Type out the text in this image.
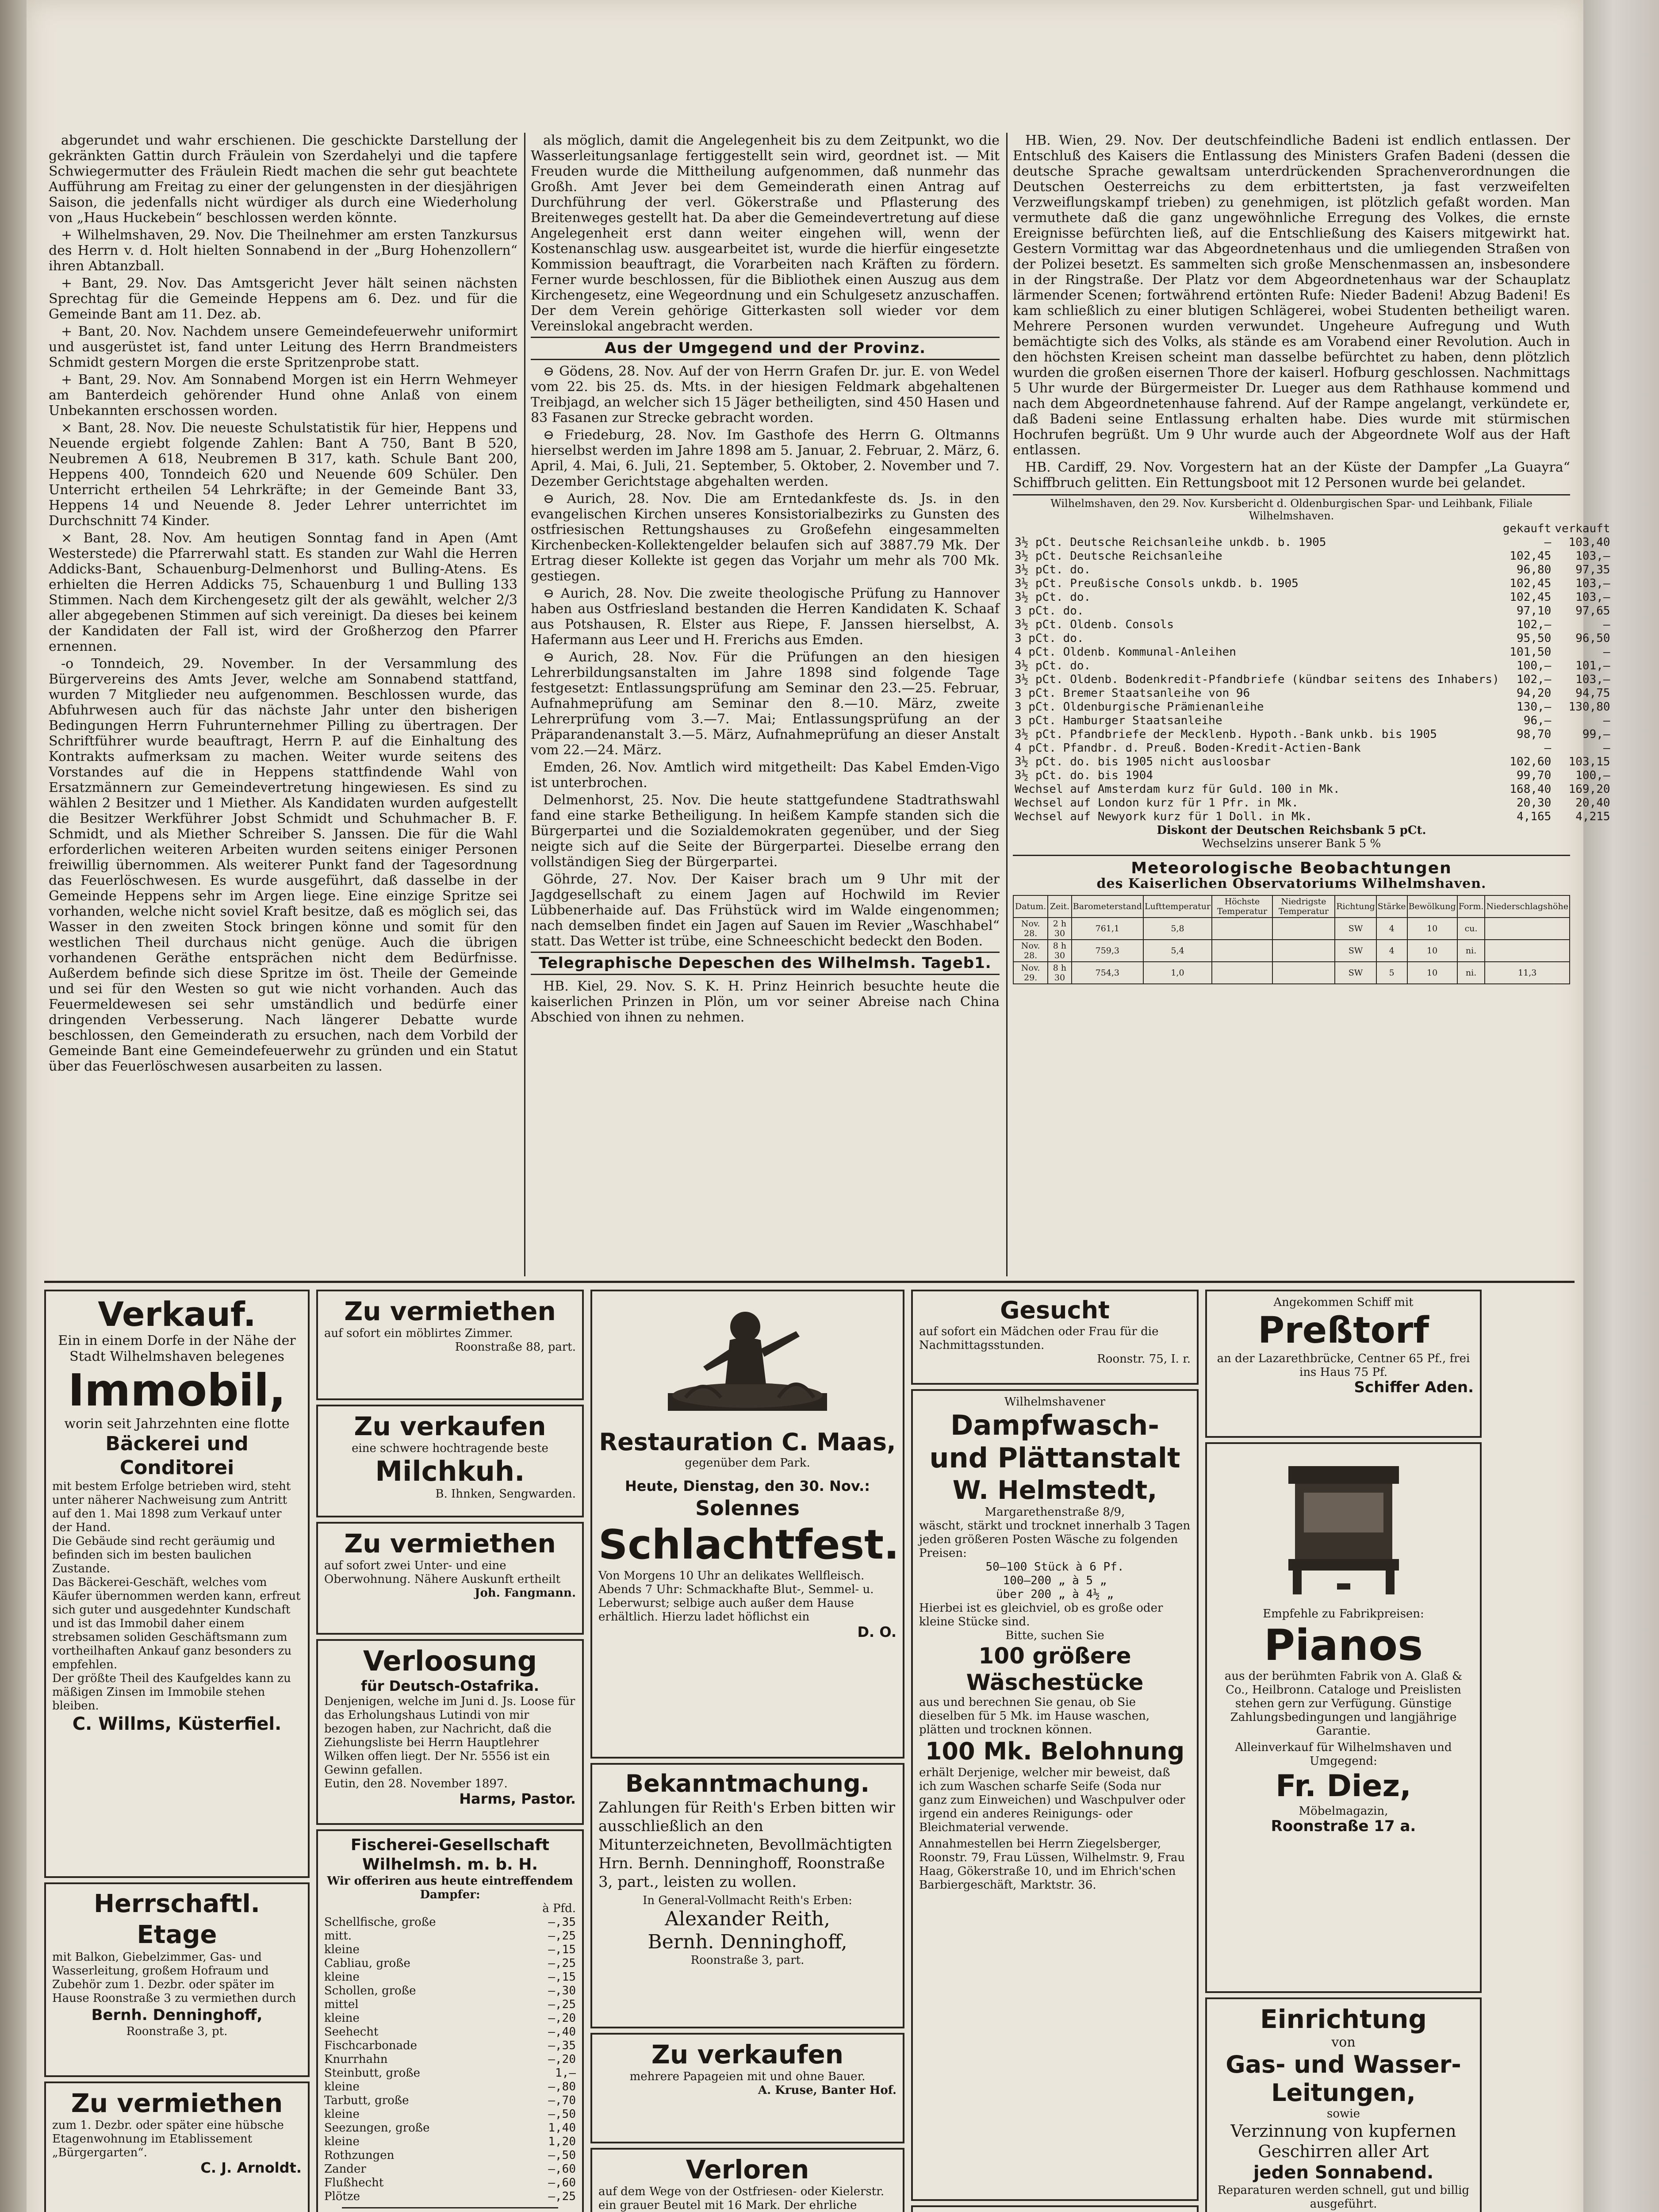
abgerundet und wahr erschienen. Die geschickte Darstellung der gekränkten Gattin durch Fräulein von Szerdahelyi und die tapfere Schwiegermutter des Fräulein Riedt machen die sehr gut beachtete Aufführung am Freitag zu einer der gelungensten in der diesjährigen Saison, die jedenfalls nicht würdiger als durch eine Wiederholung von „Haus Huckebein“ beschlossen werden könnte.

+ Wilhelmshaven, 29. Nov. Die Theilnehmer am ersten Tanzkursus des Herrn v. d. Holt hielten Sonnabend in der „Burg Hohenzollern“ ihren Abtanzball.

+ Bant, 29. Nov. Das Amtsgericht Jever hält seinen nächsten Sprechtag für die Gemeinde Heppens am 6. Dez. und für die Gemeinde Bant am 11. Dez. ab.

+ Bant, 20. Nov. Nachdem unsere Gemeindefeuerwehr uniformirt und ausgerüstet ist, fand unter Leitung des Herrn Brandmeisters Schmidt gestern Morgen die erste Spritzenprobe statt.

+ Bant, 29. Nov. Am Sonnabend Morgen ist ein Herrn Wehmeyer am Banterdeich gehörender Hund ohne Anlaß von einem Unbekannten erschossen worden.

× Bant, 28. Nov. Die neueste Schulstatistik für hier, Heppens und Neuende ergiebt folgende Zahlen: Bant A 750, Bant B 520, Neubremen A 618, Neubremen B 317, kath. Schule Bant 200, Heppens 400, Tonndeich 620 und Neuende 609 Schüler. Den Unterricht ertheilen 54 Lehrkräfte; in der Gemeinde Bant 33, Heppens 14 und Neuende 8. Jeder Lehrer unterrichtet im Durchschnitt 74 Kinder.

× Bant, 28. Nov. Am heutigen Sonntag fand in Apen (Amt Westerstede) die Pfarrerwahl statt. Es standen zur Wahl die Herren Addicks-Bant, Schauenburg-Delmenhorst und Bulling-Atens. Es erhielten die Herren Addicks 75, Schauenburg 1 und Bulling 133 Stimmen. Nach dem Kirchengesetz gilt der als gewählt, welcher 2/3 aller abgegebenen Stimmen auf sich vereinigt. Da dieses bei keinem der Kandidaten der Fall ist, wird der Großherzog den Pfarrer ernennen.

-o Tonndeich, 29. November. In der Versammlung des Bürgervereins des Amts Jever, welche am Sonnabend stattfand, wurden 7 Mitglieder neu aufgenommen. Beschlossen wurde, das Abfuhrwesen auch für das nächste Jahr unter den bisherigen Bedingungen Herrn Fuhrunternehmer Pilling zu übertragen. Der Schriftführer wurde beauftragt, Herrn P. auf die Einhaltung des Kontrakts aufmerksam zu machen. Weiter wurde seitens des Vorstandes auf die in Heppens stattfindende Wahl von Ersatzmännern zur Gemeindevertretung hingewiesen. Es sind zu wählen 2 Besitzer und 1 Miether. Als Kandidaten wurden aufgestellt die Besitzer Werkführer Jobst Schmidt und Schuhmacher B. F. Schmidt, und als Miether Schreiber S. Janssen. Die für die Wahl erforderlichen weiteren Arbeiten wurden seitens einiger Personen freiwillig übernommen. Als weiterer Punkt fand der Tagesordnung das Feuerlöschwesen. Es wurde ausgeführt, daß dasselbe in der Gemeinde Heppens sehr im Argen liege. Eine einzige Spritze sei vorhanden, welche nicht soviel Kraft besitze, daß es möglich sei, das Wasser in den zweiten Stock bringen könne und somit für den westlichen Theil durchaus nicht genüge. Auch die übrigen vorhandenen Geräthe entsprächen nicht dem Bedürfnisse. Außerdem befinde sich diese Spritze im öst. Theile der Gemeinde und sei für den Westen so gut wie nicht vorhanden. Auch das Feuermeldewesen sei sehr umständlich und bedürfe einer dringenden Verbesserung. Nach längerer Debatte wurde beschlossen, den Gemeinderath zu ersuchen, nach dem Vorbild der Gemeinde Bant eine Gemeindefeuerwehr zu gründen und ein Statut über das Feuerlöschwesen ausarbeiten zu lassen.

als möglich, damit die Angelegenheit bis zu dem Zeitpunkt, wo die Wasserleitungsanlage fertiggestellt sein wird, geordnet ist. — Mit Freuden wurde die Mittheilung aufgenommen, daß nunmehr das Großh. Amt Jever bei dem Gemeinderath einen Antrag auf Durchführung der verl. Gökerstraße und Pflasterung des Breitenweges gestellt hat. Da aber die Gemeindevertretung auf diese Angelegenheit erst dann weiter eingehen will, wenn der Kostenanschlag usw. ausgearbeitet ist, wurde die hierfür eingesetzte Kommission beauftragt, die Vorarbeiten nach Kräften zu fördern. Ferner wurde beschlossen, für die Bibliothek einen Auszug aus dem Kirchengesetz, eine Wegeordnung und ein Schulgesetz anzuschaffen. Der dem Verein gehörige Gitterkasten soll wieder vor dem Vereinslokal angebracht werden.

Aus der Umgegend und der Provinz.

⊖ Gödens, 28. Nov. Auf der von Herrn Grafen Dr. jur. E. von Wedel vom 22. bis 25. ds. Mts. in der hiesigen Feldmark abgehaltenen Treibjagd, an welcher sich 15 Jäger betheiligten, sind 450 Hasen und 83 Fasanen zur Strecke gebracht worden.

⊖ Friedeburg, 28. Nov. Im Gasthofe des Herrn G. Oltmanns hierselbst werden im Jahre 1898 am 5. Januar, 2. Februar, 2. März, 6. April, 4. Mai, 6. Juli, 21. September, 5. Oktober, 2. November und 7. Dezember Gerichtstage abgehalten werden.

⊖ Aurich, 28. Nov. Die am Erntedankfeste ds. Js. in den evangelischen Kirchen unseres Konsistorialbezirks zu Gunsten des ostfriesischen Rettungshauses zu Großefehn eingesammelten Kirchenbecken-Kollektengelder belaufen sich auf 3887.79 Mk. Der Ertrag dieser Kollekte ist gegen das Vorjahr um mehr als 700 Mk. gestiegen.

⊖ Aurich, 28. Nov. Die zweite theologische Prüfung zu Hannover haben aus Ostfriesland bestanden die Herren Kandidaten K. Schaaf aus Potshausen, R. Elster aus Riepe, F. Janssen hierselbst, A. Hafermann aus Leer und H. Frerichs aus Emden.

⊖ Aurich, 28. Nov. Für die Prüfungen an den hiesigen Lehrerbildungsanstalten im Jahre 1898 sind folgende Tage festgesetzt: Entlassungsprüfung am Seminar den 23.—25. Februar, Aufnahmeprüfung am Seminar den 8.—10. März, zweite Lehrerprüfung vom 3.—7. Mai; Entlassungsprüfung an der Präparandenanstalt 3.—5. März, Aufnahmeprüfung an dieser Anstalt vom 22.—24. März.

Emden, 26. Nov. Amtlich wird mitgetheilt: Das Kabel Emden-Vigo ist unterbrochen.

Delmenhorst, 25. Nov. Die heute stattgefundene Stadtrathswahl fand eine starke Betheiligung. In heißem Kampfe standen sich die Bürgerpartei und die Sozialdemokraten gegenüber, und der Sieg neigte sich auf die Seite der Bürgerpartei. Dieselbe errang den vollständigen Sieg der Bürgerpartei.

Göhrde, 27. Nov. Der Kaiser brach um 9 Uhr mit der Jagdgesellschaft zu einem Jagen auf Hochwild im Revier Lübbenerhaide auf. Das Frühstück wird im Walde eingenommen; nach demselben findet ein Jagen auf Sauen im Revier „Waschhabel“ statt. Das Wetter ist trübe, eine Schneeschicht bedeckt den Boden.

Telegraphische Depeschen des Wilhelmsh. Tageb1.

HB. Kiel, 29. Nov. S. K. H. Prinz Heinrich besuchte heute die kaiserlichen Prinzen in Plön, um vor seiner Abreise nach China Abschied von ihnen zu nehmen.

HB. Wien, 29. Nov. Der deutschfeindliche Badeni ist endlich entlassen. Der Entschluß des Kaisers die Entlassung des Ministers Grafen Badeni (dessen die deutsche Sprache gewaltsam unterdrückenden Sprachenverordnungen die Deutschen Oesterreichs zu dem erbittertsten, ja fast verzweifelten Verzweiflungskampf trieben) zu genehmigen, ist plötzlich gefaßt worden. Man vermuthete daß die ganz ungewöhnliche Erregung des Volkes, die ernste Ereignisse befürchten ließ, auf die Entschließung des Kaisers mitgewirkt hat. Gestern Vormittag war das Abgeordnetenhaus und die umliegenden Straßen von der Polizei besetzt. Es sammelten sich große Menschenmassen an, insbesondere in der Ringstraße. Der Platz vor dem Abgeordnetenhaus war der Schauplatz lärmender Scenen; fortwährend ertönten Rufe: Nieder Badeni! Abzug Badeni! Es kam schließlich zu einer blutigen Schlägerei, wobei Studenten betheiligt waren. Mehrere Personen wurden verwundet. Ungeheure Aufregung und Wuth bemächtigte sich des Volks, als stände es am Vorabend einer Revolution. Auch in den höchsten Kreisen scheint man dasselbe befürchtet zu haben, denn plötzlich wurden die großen eisernen Thore der kaiserl. Hofburg geschlossen. Nachmittags 5 Uhr wurde der Bürgermeister Dr. Lueger aus dem Rathhause kommend und nach dem Abgeordnetenhause fahrend. Auf der Rampe angelangt, verkündete er, daß Badeni seine Entlassung erhalten habe. Dies wurde mit stürmischen Hochrufen begrüßt. Um 9 Uhr wurde auch der Abgeordnete Wolf aus der Haft entlassen.

HB. Cardiff, 29. Nov. Vorgestern hat an der Küste der Dampfer „La Guayra“ Schiffbruch gelitten. Ein Rettungsboot mit 12 Personen wurde bei gelandet.

Wilhelmshaven, den 29. Nov. Kursbericht d. Oldenburgischen Spar- und Leihbank, Filiale Wilhelmshaven.
	gekauft	verkauft
3½ pCt. Deutsche Reichsanleihe unkdb. b. 1905	—	103,40
3½ pCt. Deutsche Reichsanleihe	102,45	103,—
3½ pCt. do.	96,80	97,35
3½ pCt. Preußische Consols unkdb. b. 1905	102,45	103,—
3½ pCt. do.	102,45	103,—
3 pCt. do.	97,10	97,65
3½ pCt. Oldenb. Consols	102,—	—
3 pCt. do.	95,50	96,50
4 pCt. Oldenb. Kommunal-Anleihen	101,50	—
3½ pCt. do.	100,—	101,—
3½ pCt. Oldenb. Bodenkredit-Pfandbriefe (kündbar seitens des Inhabers)	102,—	103,—
3 pCt. Bremer Staatsanleihe von 96	94,20	94,75
3 pCt. Oldenburgische Prämienanleihe	130,—	130,80
3 pCt. Hamburger Staatsanleihe	96,—	—
3½ pCt. Pfandbriefe der Mecklenb. Hypoth.-Bank unkb. bis 1905	98,70	99,—
4 pCt. Pfandbr. d. Preuß. Boden-Kredit-Actien-Bank	—	—
3½ pCt. do. bis 1905 nicht ausloosbar	102,60	103,15
3½ pCt. do. bis 1904	99,70	100,—
Wechsel auf Amsterdam kurz für Guld. 100 in Mk.	168,40	169,20
Wechsel auf London kurz für 1 Pfr. in Mk.	20,30	20,40
Wechsel auf Newyork kurz für 1 Doll. in Mk.	4,165	4,215
Diskont der Deutschen Reichsbank 5 pCt.
Wechselzins unserer Bank 5 %
Meteorologische Beobachtungen
des Kaiserlichen Observatoriums Wilhelmshaven.
Datum.	Zeit.	Barometerstand	Lufttemperatur	Höchste Temperatur	Niedrigste Temperatur	Richtung	Stärke	Bewölkung	Form.	Niederschlagshöhe
Nov. 28.	2 h 30	761,1	5,8			SW	4	10	cu.	
Nov. 28.	8 h 30	759,3	5,4			SW	4	10	ni.	
Nov. 29.	8 h 30	754,3	1,0			SW	5	10	ni.	11,3
Verkauf.
Ein in einem Dorfe in der Nähe der Stadt Wilhelmshaven belegenes
Immobil,
worin seit Jahrzehnten eine flotte
Bäckerei und Conditorei
mit bestem Erfolge betrieben wird, steht unter näherer Nachweisung zum Antritt auf den 1. Mai 1898 zum Verkauf unter der Hand.
Die Gebäude sind recht geräumig und befinden sich im besten baulichen Zustande.
Das Bäckerei-Geschäft, welches vom Käufer übernommen werden kann, erfreut sich guter und ausgedehnter Kundschaft und ist das Immobil daher einem strebsamen soliden Geschäftsmann zum vortheilhaften Ankauf ganz besonders zu empfehlen.
Der größte Theil des Kaufgeldes kann zu mäßigen Zinsen im Immobile stehen bleiben.
C. Willms, Küsterfiel.
Herrschaftl. Etage
mit Balkon, Giebelzimmer, Gas- und Wasserleitung, großem Hofraum und Zubehör zum 1. Dezbr. oder später im Hause Roonstraße 3 zu vermiethen durch
Bernh. Denninghoff,
Roonstraße 3, pt.
Zu vermiethen
zum 1. Dezbr. oder später eine hübsche Etagenwohnung im Etablissement „Bürgergarten“.
C. J. Arnoldt.
Zu vermiethen
auf sofort ein möblirtes Zimmer.
Roonstraße 88, part.
Zu verkaufen
eine schwere hochtragende beste
Milchkuh.
B. Ihnken, Sengwarden.
Zu vermiethen
auf sofort zwei Unter- und eine Oberwohnung. Nähere Auskunft ertheilt
Joh. Fangmann.
Verloosung
für Deutsch-Ostafrika.
Denjenigen, welche im Juni d. Js. Loose für das Erholungshaus Lutindi von mir bezogen haben, zur Nachricht, daß die Ziehungsliste bei Herrn Hauptlehrer Wilken offen liegt. Der Nr. 5556 ist ein Gewinn gefallen.
Eutin, den 28. November 1897.
Harms, Pastor.
Fischerei-Gesellschaft Wilhelmsh. m. b. H.
Wir offeriren aus heute eintreffendem Dampfer:
à Pfd.
Schellfische, große	—,35
mitt.	—,25
kleine	—,15
Cabliau, große	—,25
kleine	—,15
Schollen, große	—,30
mittel	—,25
kleine	—,20
Seehecht	—,40
Fischcarbonade	—,35
Knurrhahn	—,20
Steinbutt, große	1,—
kleine	—,80
Tarbutt, große	—,70
kleine	—,50
Seezungen, große	1,40
kleine	1,20
Rothzungen	—,50
Zander	—,60
Flußhecht	—,60
Plötze	—,25
Restauration C. Maas,
gegenüber dem Park.
Heute, Dienstag, den 30. Nov.:
Solennes
Schlachtfest.
Von Morgens 10 Uhr an delikates Wellfleisch. Abends 7 Uhr: Schmackhafte Blut-, Semmel- u. Leberwurst; selbige auch außer dem Hause erhältlich. Hierzu ladet höflichst ein
D. O.
Bekanntmachung.
Zahlungen für Reith's Erben bitten wir ausschließlich an den Mitunterzeichneten, Bevollmächtigten Hrn. Bernh. Denninghoff, Roonstraße 3, part., leisten zu wollen.
In General-Vollmacht Reith's Erben:
Alexander Reith,
Bernh. Denninghoff,
Roonstraße 3, part.
Zu verkaufen
mehrere Papageien mit und ohne Bauer.
A. Kruse, Banter Hof.
Verloren
auf dem Wege von der Ostfriesen- oder Kielerstr. ein grauer Beutel mit 16 Mark. Der ehrliche
Gesucht
auf sofort ein Mädchen oder Frau für die Nachmittagsstunden.
Roonstr. 75, I. r.
Wilhelmshavener
Dampfwasch- und Plättanstalt
W. Helmstedt,
Margarethenstraße 8/9,
wäscht, stärkt und trocknet innerhalb 3 Tagen jeden größeren Posten Wäsche zu folgenden Preisen:
50—100 Stück à 6 Pf.
100—200 „ à 5 „
über 200 „ à 4½ „
Hierbei ist es gleichviel, ob es große oder kleine Stücke sind.
Bitte, suchen Sie
100 größere Wäschestücke
aus und berechnen Sie genau, ob Sie dieselben für 5 Mk. im Hause waschen, plätten und trocknen können.
100 Mk. Belohnung
erhält Derjenige, welcher mir beweist, daß ich zum Waschen scharfe Seife (Soda nur ganz zum Einweichen) und Waschpulver oder irgend ein anderes Reinigungs- oder Bleichmaterial verwende.
Annahmestellen bei Herrn Ziegelsberger, Roonstr. 79, Frau Lüssen, Wilhelmstr. 9, Frau Haag, Gökerstraße 10, und im Ehrich'schen Barbiergeschäft, Marktstr. 36.
Angekommen Schiff mit
Preßtorf
an der Lazarethbrücke, Centner 65 Pf., frei ins Haus 75 Pf.
Schiffer Aden.
Empfehle zu Fabrikpreisen:
Pianos
aus der berühmten Fabrik von A. Glaß & Co., Heilbronn. Cataloge und Preislisten stehen gern zur Verfügung. Günstige Zahlungsbedingungen und langjährige Garantie.
Alleinverkauf für Wilhelmshaven und Umgegend:
Fr. Diez,
Möbelmagazin,
Roonstraße 17 a.
Einrichtung
von
Gas- und Wasser-Leitungen,
sowie
Verzinnung von kupfernen Geschirren aller Art
jeden Sonnabend.
Reparaturen werden schnell, gut und billig ausgeführt.
